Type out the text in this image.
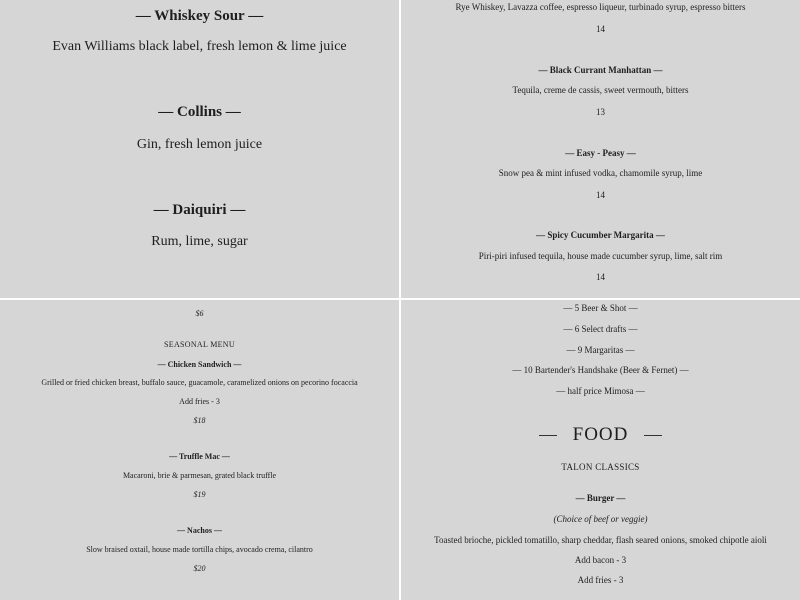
— Whiskey Sour —
Evan Williams black label, fresh lemon & lime juice
— Collins —
Gin, fresh lemon juice
— Daiquiri —
Rum, lime, sugar
Rye Whiskey, Lavazza coffee, espresso liqueur, turbinado syrup, espresso bitters
14
— Black Currant Manhattan —
Tequila, creme de cassis, sweet vermouth, bitters
13
— Easy - Peasy —
Snow pea & mint infused vodka, chamomile syrup, lime
14
— Spicy Cucumber Margarita —
Piri-piri infused tequila, house made cucumber syrup, lime, salt rim
14
$6
SEASONAL MENU
— Chicken Sandwich —
Grilled or fried chicken breast, buffalo sauce, guacamole, caramelized onions on pecorino focaccia
Add fries - 3
$18
— Truffle Mac —
Macaroni, brie & parmesan, grated black truffle
$19
— Nachos —
Slow braised oxtail, house made tortilla chips, avocado crema, cilantro
$20
— 5 Beer & Shot —
— 6 Select drafts —
— 9 Margaritas —
— 10 Bartender's Handshake (Beer & Fernet) —
— half price Mimosa —
FOOD
TALON CLASSICS
— Burger —
(Choice of beef or veggie)
Toasted brioche, pickled tomatillo, sharp cheddar, flash seared onions, smoked chipotle aioli
Add bacon - 3
Add fries - 3
